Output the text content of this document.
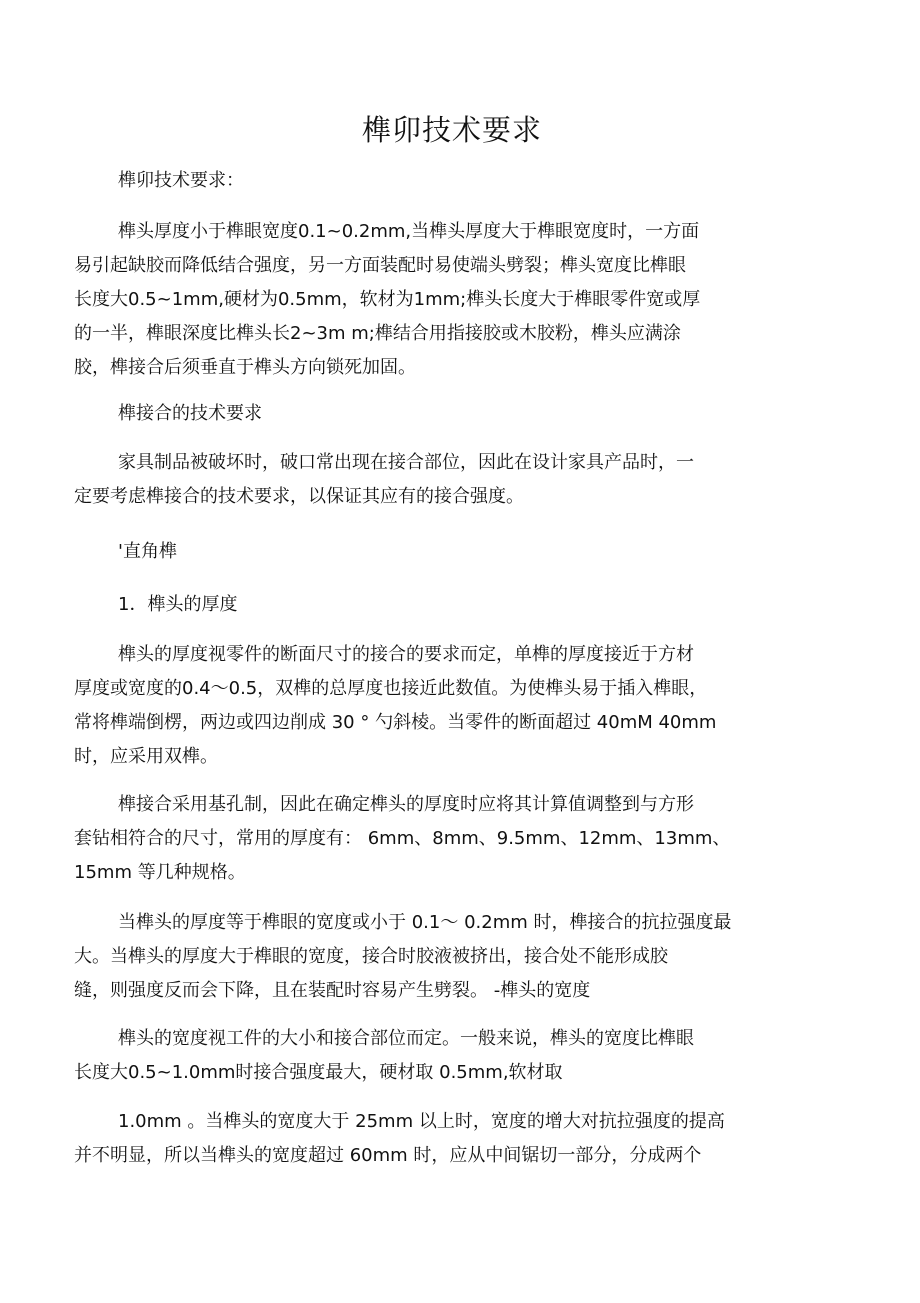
榫卯技术要求

榫卯技术要求：

榫头厚度小于榫眼宽度0.1~0.2mm,当榫头厚度大于榫眼宽度时，一方面
易引起缺胶而降低结合强度，另一方面装配时易使端头劈裂；榫头宽度比榫眼
长度大0.5~1mm,硬材为0.5mm，软材为1mm;榫头长度大于榫眼零件宽或厚
的一半，榫眼深度比榫头长2~3m m;榫结合用指接胶或木胶粉，榫头应满涂
胶，榫接合后须垂直于榫头方向锁死加固。

榫接合的技术要求

家具制品被破坏时，破口常出现在接合部位，因此在设计家具产品时，一
定要考虑榫接合的技术要求，以保证其应有的接合强度。

'直角榫

1．榫头的厚度

榫头的厚度视零件的断面尺寸的接合的要求而定，单榫的厚度接近于方材
厚度或宽度的0.4～0.5，双榫的总厚度也接近此数值。为使榫头易于插入榫眼，
常将榫端倒楞，两边或四边削成 30 ° 勺斜棱。当零件的断面超过 40mM 40mm
时，应采用双榫。

榫接合采用基孔制，因此在确定榫头的厚度时应将其计算值调整到与方形
套钻相符合的尺寸，常用的厚度有： 6mm、8mm、9.5mm、12mm、13mm、
15mm 等几种规格。

当榫头的厚度等于榫眼的宽度或小于 0.1～ 0.2mm 时，榫接合的抗拉强度最
大。当榫头的厚度大于榫眼的宽度，接合时胶液被挤出，接合处不能形成胶
缝，则强度反而会下降，且在装配时容易产生劈裂。 -榫头的宽度

榫头的宽度视工件的大小和接合部位而定。一般来说，榫头的宽度比榫眼
长度大0.5~1.0mm时接合强度最大，硬材取 0.5mm,软材取

1.0mm 。当榫头的宽度大于 25mm 以上时，宽度的增大对抗拉强度的提高
并不明显，所以当榫头的宽度超过 60mm 时，应从中间锯切一部分，分成两个
